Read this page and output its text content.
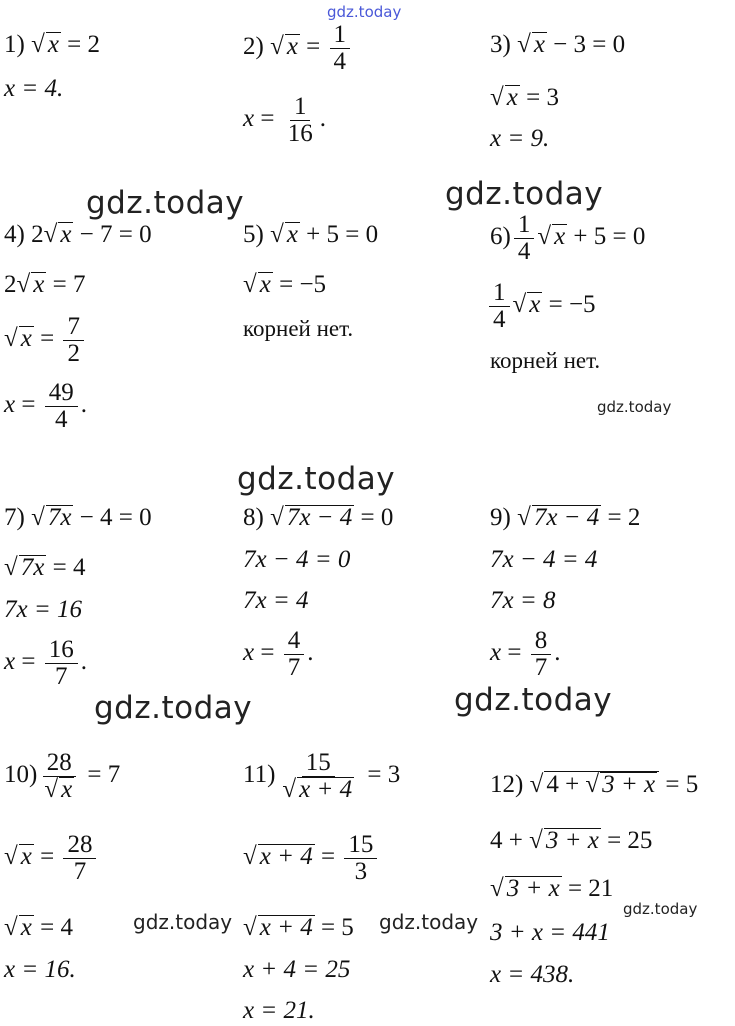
gdz.today
gdz.today	gdz.today
gdz.today
gdz.today
gdz.today	gdz.today
gdz.today	gdz.today
gdz.today
1) √ x = 2
x = 4.
2) √ $x = \frac{1}{4}$
$x = \frac{1}{16}$ .
3) √ x − 3 = 0
√ x = 3
x = 9.
4) 2√ x − 7 = 0
2√ x = 7
√ $x = \frac{7}{2}$
$x = \frac{49}{4}$ .
5) √ x + 5 = 0
√ x = −5
корней нет.
$6) \frac{1}{4}$ √ x + 5 = 0
$\frac{1}{4}$ √ x = −5
корней нет.
7) √ 7x − 4 = 0
√ 7x = 4
7x = 16
$x = \frac{16}{7}$ .
8) √ 7x − 4 = 0
7x − 4 = 0
7x = 4
$x = \frac{4}{7}$ .
9) √ 7x − 4 = 2
7x − 4 = 4
7x = 8
$x = \frac{8}{7}$ .
$10) \frac{28}{√ x} = 7$
√ $x = \frac{28}{7}$
√ x = 4
x = 16.
$11) \frac{15}{√ x + 4} = 3$
√ $x + 4 = \frac{15}{3}$
√ x + 4 = 5
x + 4 = 25
x = 21.
12) √ 4 + √ 3 + x = 5
4 + √ 3 + x = 25
√ 3 + x = 21
3 + x = 441
x = 438.
